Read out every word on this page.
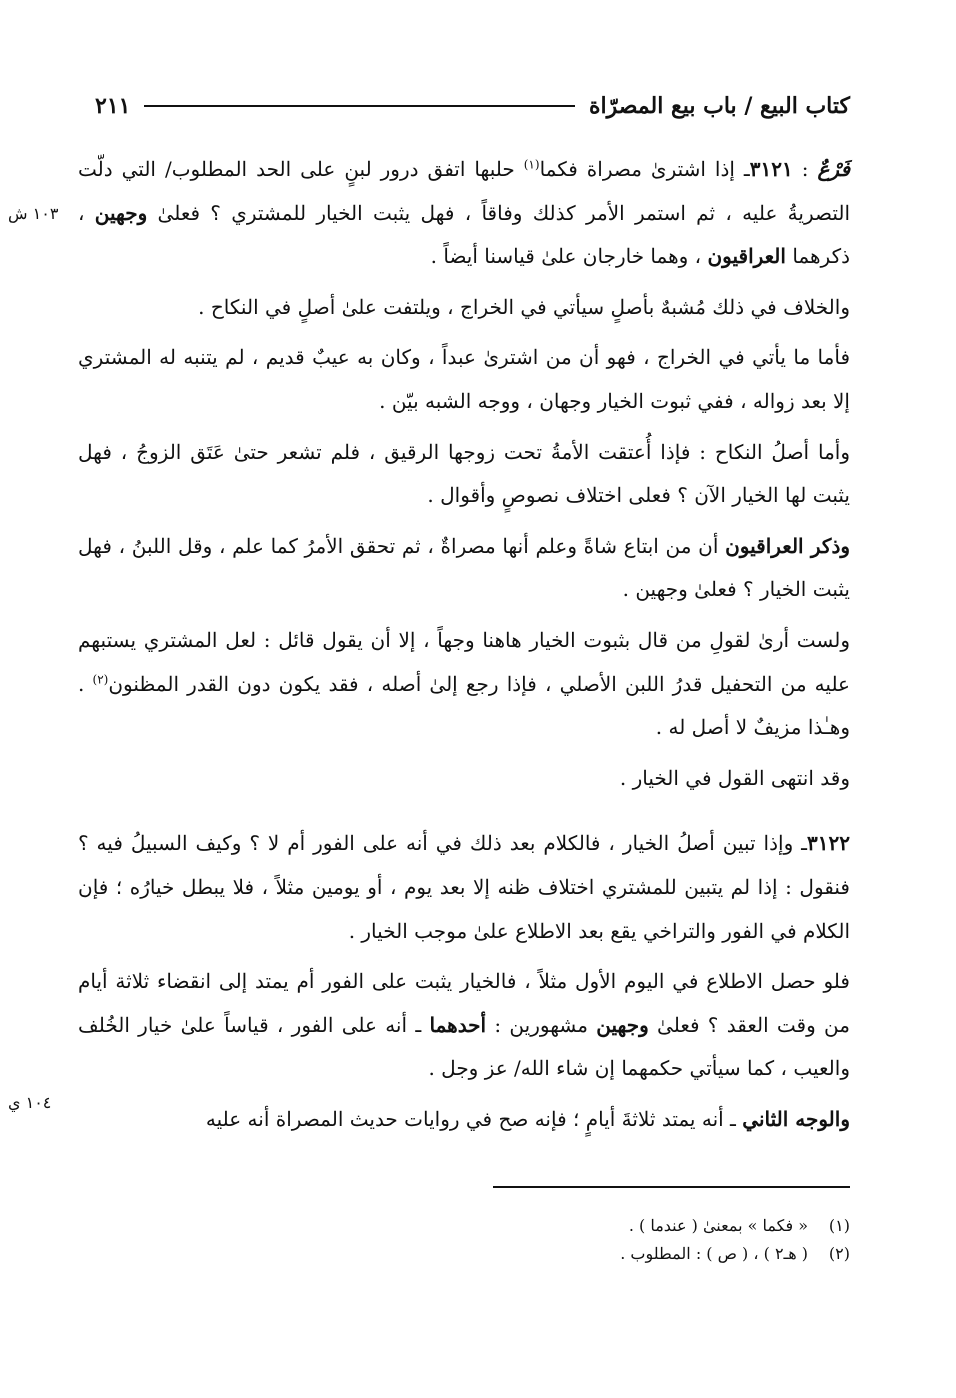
كتاب البيع / باب بيع المصرّاة
٢١١
١٠٣ ش
١٠٤ ي

فَرْعٌ : ٣١٢١ـ إذا اشترىٰ مصراة فكما$^{(١)}$ حلبها اتفق درور لبنٍ على الحد المطلوب/ التي دلّت التصريةُ عليه ، ثم استمر الأمر كذلك وفاقاً ، فهل يثبت الخيار للمشتري ؟ فعلىٰ وجهين ، ذكرهما العراقيون ، وهما خارجان علىٰ قياسنا أيضاً .

والخلاف في ذلك مُشبهٌ بأصلٍ سيأتي في الخراج ، ويلتفت علىٰ أصلٍ في النكاح .

فأما ما يأتي في الخراج ، فهو أن من اشترىٰ عبداً ، وكان به عيبٌ قديم ، لم يتنبه له المشتري إلا بعد زواله ، ففي ثبوت الخيار وجهان ، ووجه الشبه بيّن .

وأما أصلُ النكاح : فإذا أُعتقت الأمةُ تحت زوجها الرقيق ، فلم تشعر حتىٰ عَتَق الزوجُ ، فهل يثبت لها الخيار الآن ؟ فعلى اختلاف نصوصٍ وأقوال .

وذكر العراقيون أن من ابتاع شاةً وعلم أنها مصراةٌ ، ثم تحقق الأمرُ كما علم ، وقل اللبنُ ، فهل يثبت الخيار ؟ فعلىٰ وجهين .

ولست أرىٰ لقولِ من قال بثبوت الخيار هاهنا وجهاً ، إلا أن يقول قائل : لعل المشتري يستبهم عليه من التحفيل قدرُ اللبن الأصلي ، فإذا رجع إلىٰ أصله ، فقد يكون دون القدر المظنون$^{(٢)}$ . وهـٰذا مزيفٌ لا أصل له .

وقد انتهى القول في الخيار .

٣١٢٢ـ وإذا تبين أصلُ الخيار ، فالكلام بعد ذلك في أنه على الفور أم لا ؟ وكيف السبيلُ فيه ؟ فنقول : إذا لم يتبين للمشتري اختلاف ظنه إلا بعد يوم ، أو يومين مثلاً ، فلا يبطل خيارُه ؛ فإن الكلام في الفور والتراخي يقع بعد الاطلاع علىٰ موجب الخيار .

فلو حصل الاطلاع في اليوم الأول مثلاً ، فالخيار يثبت على الفور أم يمتد إلى انقضاء ثلاثة أيام من وقت العقد ؟ فعلىٰ وجهين مشهورين : أحدهما ـ أنه على الفور ، قياساً علىٰ خيار الخُلف والعيب ، كما سيأتي حكمهما إن شاء الله/ عز وجل .

والوجه الثاني ـ أنه يمتد ثلاثةَ أيامٍ ؛ فإنه صح في روايات حديث المصراة أنه عليه

(١)
« فكما » بمعنىٰ ( عندما ) .
(٢)
( هـ٢ ) ، ( ص ) : المطلوب .
